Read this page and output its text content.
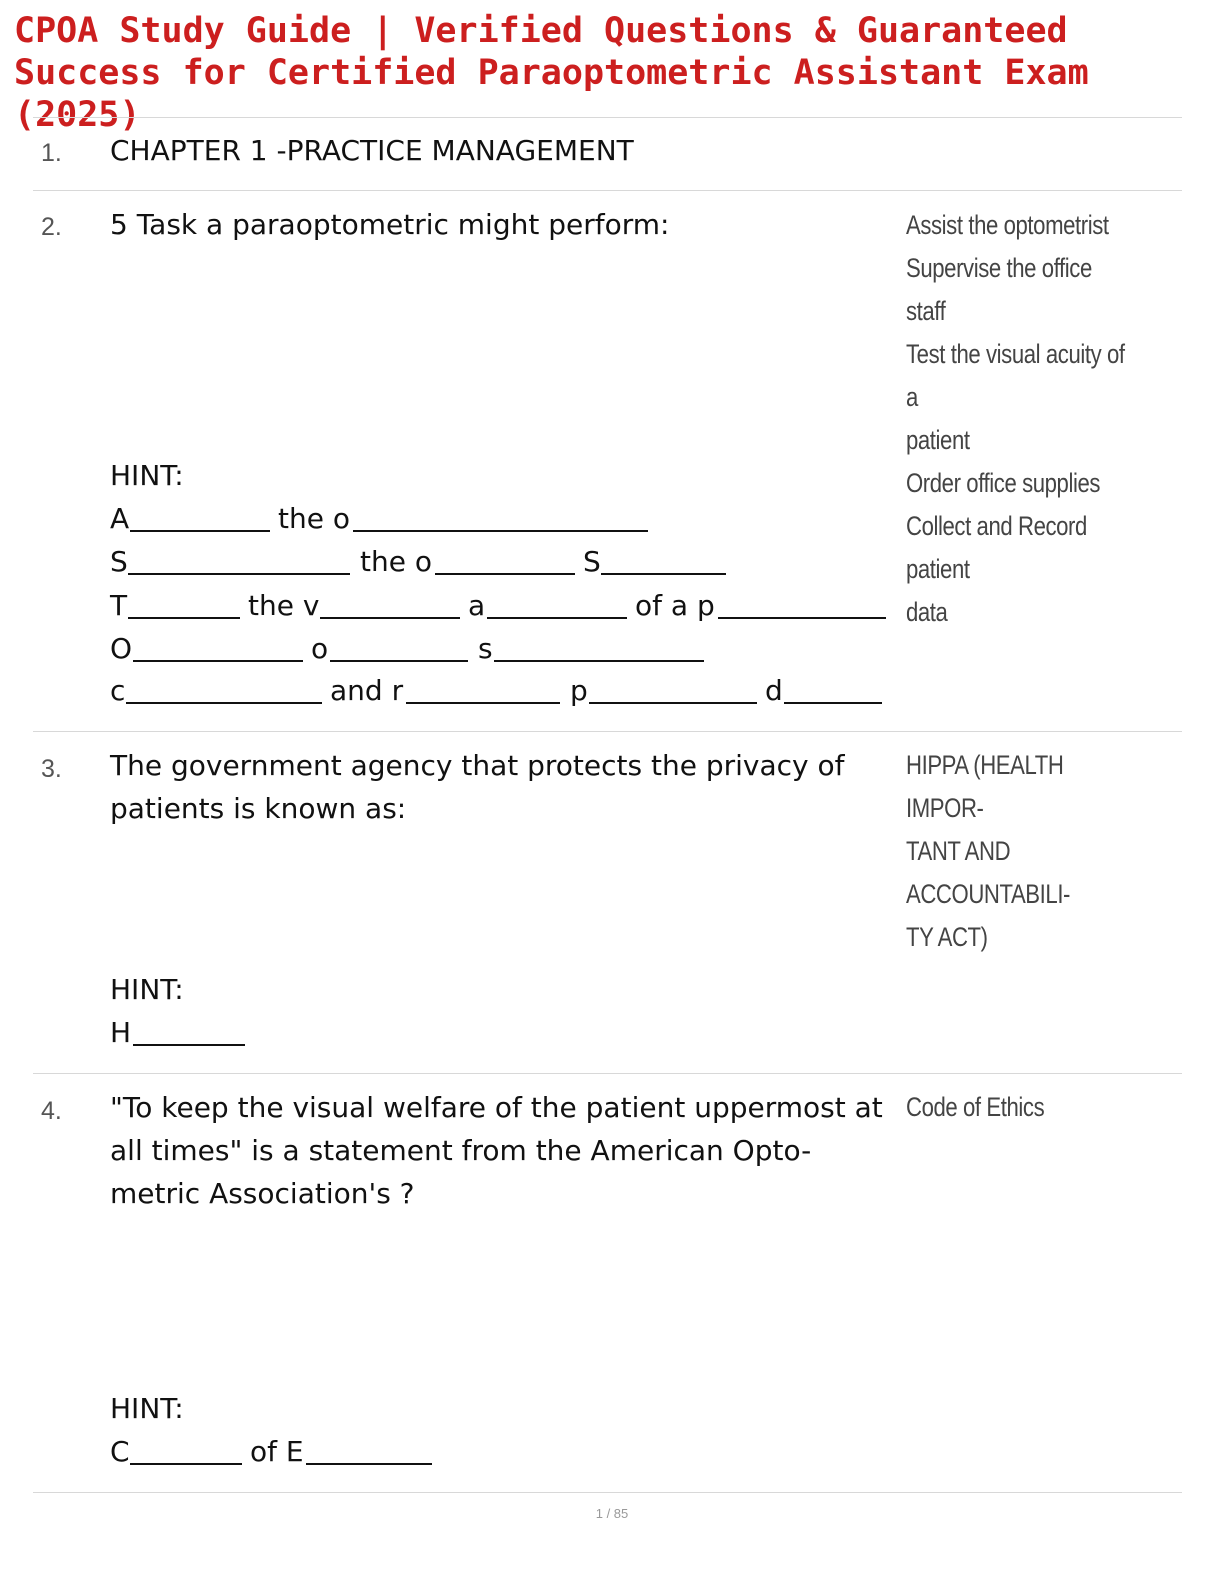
CPOA Study Guide | Verified Questions & Guaranteed Success for Certified Paraoptometric Assistant Exam (2025)
1. CHAPTER 1 -PRACTICE MANAGEMENT

2. 5 Task a paraoptometric might perform:	Assist the optometrist
Supervise the office staff
Test the visual acuity of a
patient
Order office supplies
Collect and Record patient
data

HINT:

A	the o
S	the o	S
T	the v	a	of a p
O	o	s
c	and r	p	d
3. The government agency that protects the privacy of patients is known as:

HIPPA (HEALTH IMPOR-
TANT AND ACCOUNTABILI-
TY ACT)

HINT:

H
4. "To keep the visual welfare of the patient uppermost at all times" is a statement from the American Opto-metric Association's ?

Code of Ethics

HINT:

C	of E
1 / 85
